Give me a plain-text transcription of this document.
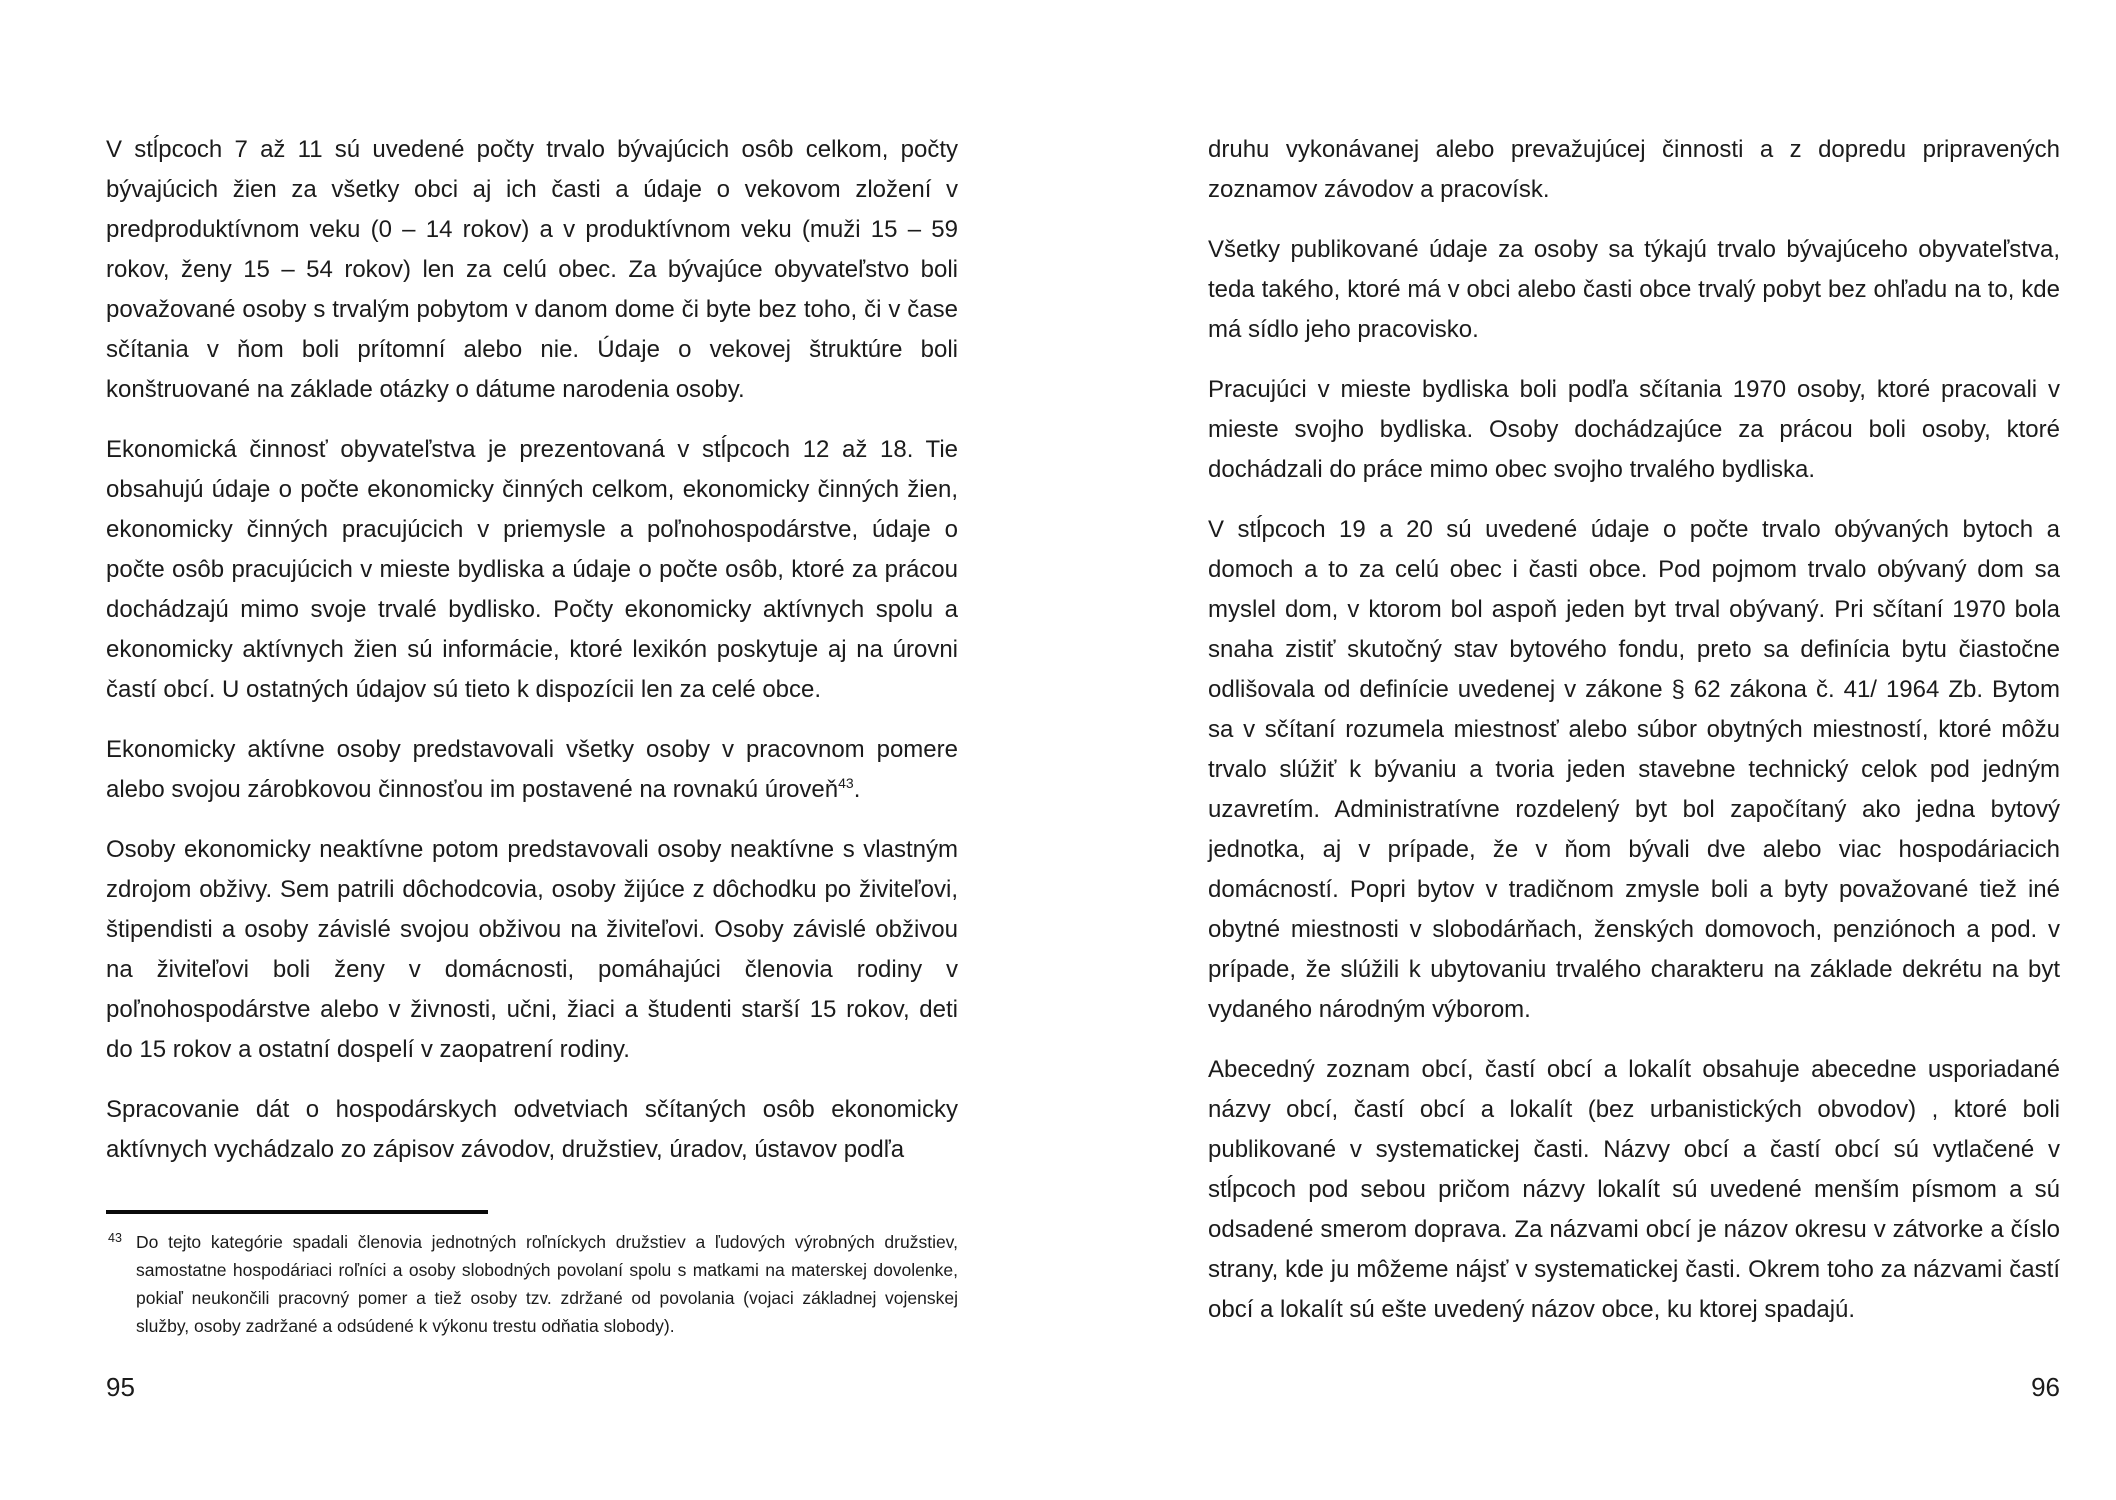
V stĺpcoch 7 až 11 sú uvedené počty trvalo bývajúcich osôb celkom, počty bývajúcich žien za všetky obci aj ich časti a údaje o vekovom zložení v predproduktívnom veku (0 – 14 rokov) a v produktívnom veku (muži 15 – 59 rokov, ženy 15 – 54 rokov) len za celú obec. Za bývajúce obyvateľstvo boli považované osoby s trvalým pobytom v danom dome či byte bez toho, či v čase sčítania v ňom boli prítomní alebo nie. Údaje o vekovej štruktúre boli konštruované na základe otázky o dátume narodenia osoby.

Ekonomická činnosť obyvateľstva je prezentovaná v stĺpcoch 12 až 18. Tie obsahujú údaje o počte ekonomicky činných celkom, ekonomicky činných žien, ekonomicky činných pracujúcich v priemysle a poľnohospodárstve, údaje o počte osôb pracujúcich v mieste bydliska a údaje o počte osôb, ktoré za prácou dochádzajú mimo svoje trvalé bydlisko. Počty ekonomicky aktívnych spolu a ekonomicky aktívnych žien sú informácie, ktoré lexikón poskytuje aj na úrovni častí obcí. U ostatných údajov sú tieto k dispozícii len za celé obce.

Ekonomicky aktívne osoby predstavovali všetky osoby v pracovnom pomere alebo svojou zárobkovou činnosťou im postavené na rovnakú úroveň$^{43}$.

Osoby ekonomicky neaktívne potom predstavovali osoby neaktívne s vlastným zdrojom obživy. Sem patrili dôchodcovia, osoby žijúce z dôchodku po živiteľovi, štipendisti a osoby závislé svojou obživou na živiteľovi. Osoby závislé obživou na živiteľovi boli ženy v domácnosti, pomáhajúci členovia rodiny v poľnohospodárstve alebo v živnosti, učni, žiaci a študenti starší 15 rokov, deti do 15 rokov a ostatní dospelí v zaopatrení rodiny.

Spracovanie dát o hospodárskych odvetviach sčítaných osôb ekonomicky aktívnych vychádzalo zo zápisov závodov, družstiev, úradov, ústavov podľa

43 Do tejto kategórie spadali členovia jednotných roľníckych družstiev a ľudových výrobných družstiev, samostatne hospodáriaci roľníci a osoby slobodných povolaní spolu s matkami na materskej dovolenke, pokiaľ neukončili pracovný pomer a tiež osoby tzv. zdržané od povolania (vojaci základnej vojenskej služby, osoby zadržané a odsúdené k výkonu trestu odňatia slobody).
95

druhu vykonávanej alebo prevažujúcej činnosti a z dopredu pripravených zoznamov závodov a pracovísk.

Všetky publikované údaje za osoby sa týkajú trvalo bývajúceho obyvateľstva, teda takého, ktoré má v obci alebo časti obce trvalý pobyt bez ohľadu na to, kde má sídlo jeho pracovisko.

Pracujúci v mieste bydliska boli podľa sčítania 1970 osoby, ktoré pracovali v mieste svojho bydliska. Osoby dochádzajúce za prácou boli osoby, ktoré dochádzali do práce mimo obec svojho trvalého bydliska.

V stĺpcoch 19 a 20 sú uvedené údaje o počte trvalo obývaných bytoch a domoch a to za celú obec i časti obce. Pod pojmom trvalo obývaný dom sa myslel dom, v ktorom bol aspoň jeden byt trval obývaný. Pri sčítaní 1970 bola snaha zistiť skutočný stav bytového fondu, preto sa definícia bytu čiastočne odlišovala od definície uvedenej v zákone § 62 zákona č. 41/ 1964 Zb. Bytom sa v sčítaní rozumela miestnosť alebo súbor obytných miestností, ktoré môžu trvalo slúžiť k bývaniu a tvoria jeden stavebne technický celok pod jedným uzavretím. Administratívne rozdelený byt bol započítaný ako jedna bytový jednotka, aj v prípade, že v ňom bývali dve alebo viac hospodáriacich domácností. Popri bytov v tradičnom zmysle boli a byty považované tiež iné obytné miestnosti v slobodárňach, ženských domovoch, penziónoch a pod. v prípade, že slúžili k ubytovaniu trvalého charakteru na základe dekrétu na byt vydaného národným výborom.

Abecedný zoznam obcí, častí obcí a lokalít obsahuje abecedne usporiadané názvy obcí, častí obcí a lokalít (bez urbanistických obvodov) , ktoré boli publikované v systematickej časti. Názvy obcí a častí obcí sú vytlačené v stĺpcoch pod sebou pričom názvy lokalít sú uvedené menším písmom a sú odsadené smerom doprava. Za názvami obcí je názov okresu v zátvorke a číslo strany, kde ju môžeme nájsť v systematickej časti. Okrem toho za názvami častí obcí a lokalít sú ešte uvedený názov obce, ku ktorej spadajú.

96
